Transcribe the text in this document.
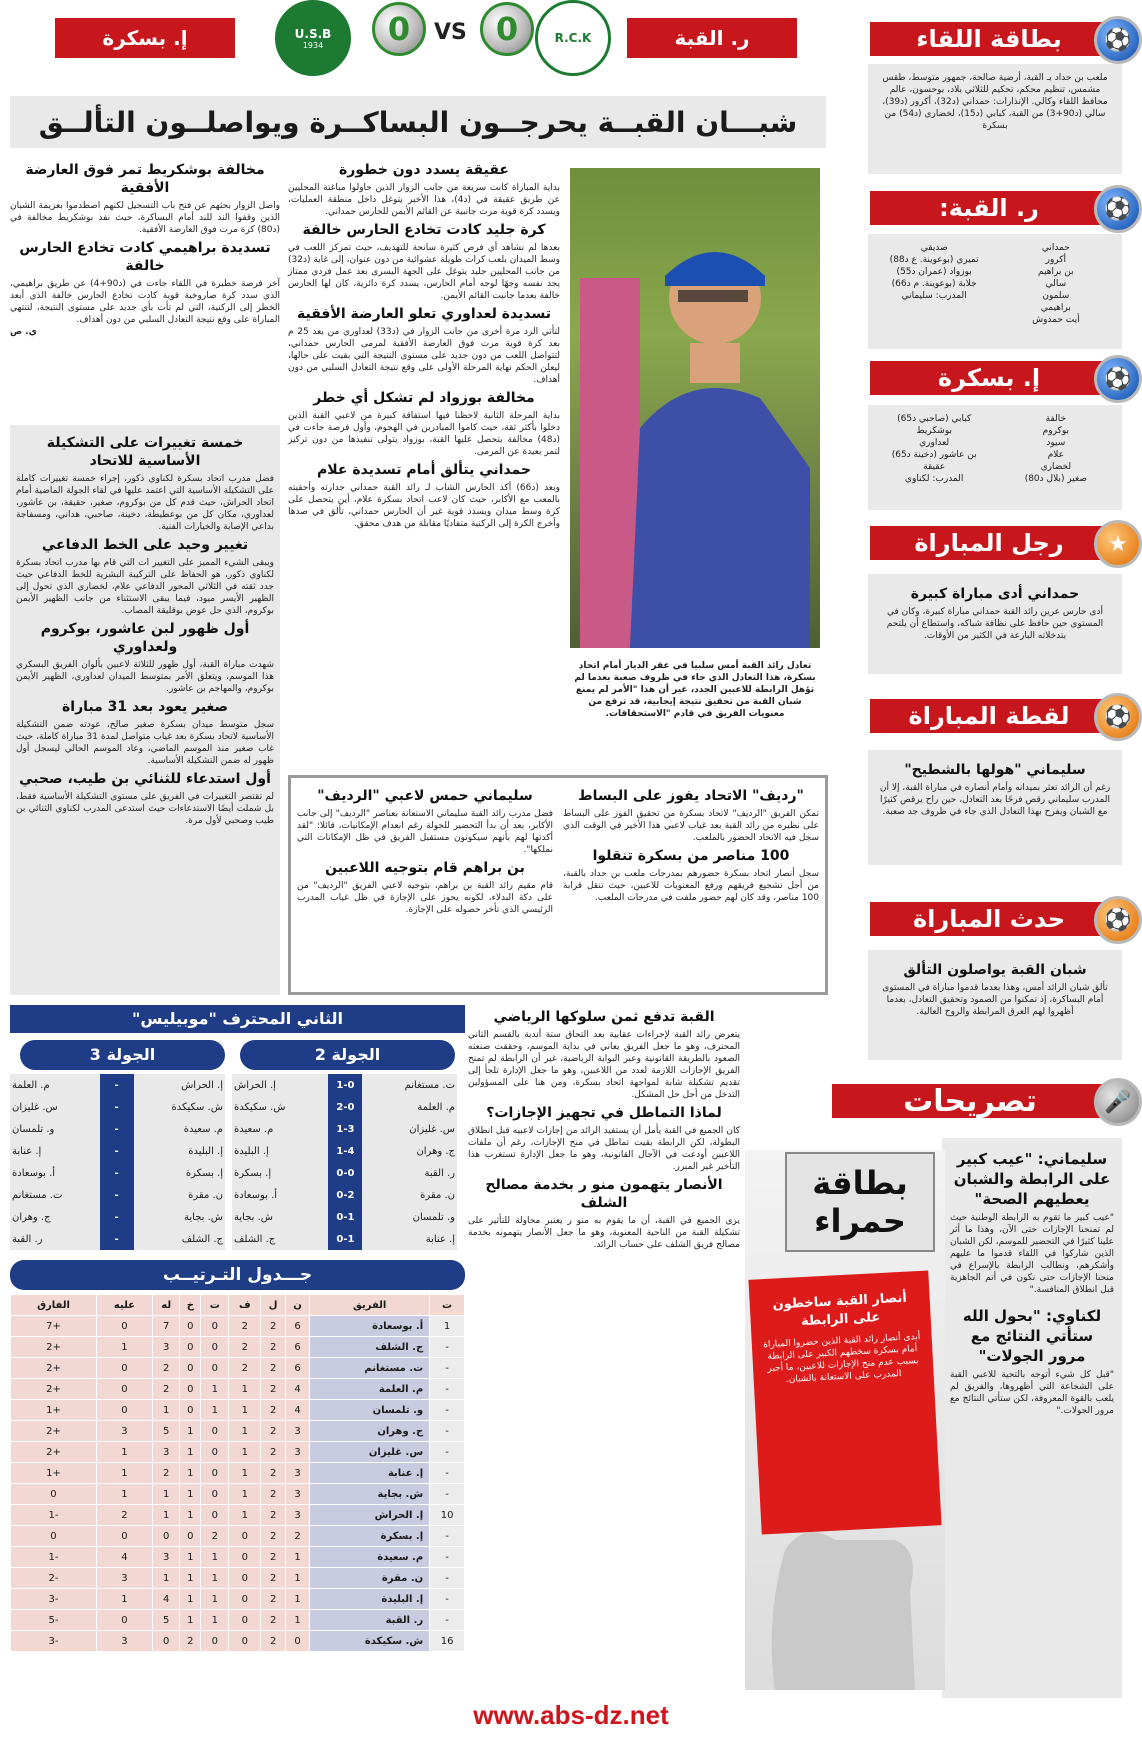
ر. القبة
إ. بسكرة	R.C.K
U.S.B
1934	0
0 VS
شبـــان القبــة يحرجــون البساكــرة ويواصلــون التألــق
بطاقة اللقاء	⚽

ملعب بن حداد بـ القبة، أرضية صالحة، جمهور متوسط، طقس مشمس، تنظيم محكم، تحكيم للثلاثي بلاد، بوحسون، عالم محافظ اللقاء وكالي. الإنذارات: حمداني (د32)، أكرور (د39)، سالي (د90+3) من القبة، كبابي (د15)، لخضاري (د54) من بسكرة

ر. القبة:	⚽
حمداني
أكرور
بن براهيم
سالي
سلمون
براهيمي
أيت حمدوش
صديقي
تميري (بوعوينة. ع د88)
بوزواد (عمران د55)
جلابة (بوعوينة. م د66)
المدرب: سليماني
إ. بسكرة	⚽
خالفة
بوكروم
سيود
علام
لخضاري
صغير (بلال د80)
كبابي (صاحبي د65)
بوشكريط
لعداوري
بن عاشور (دخينة د65)
عقيقة
المدرب: لكناوي
رجل المباراة	★
حمداني أدى مباراة كبيرة

أدى حارس عرين رائد القبة حمداني مباراة كبيرة، وكان في المستوى حين حافظ على نظافة شباكه، واستطاع أن يلتحم بتدخلاته البارعة في الكثير من الأوقات.

لقطة المباراة	⚽
سليماني "هولها بالشطيح"

رغم أن الرائد تعثر بميدانه وأمام أنصاره في مباراة القبة، إلا أن المدرب سليماني رقص فرحًا بعد التعادل، حين راح يرقص كثيرًا مع الشبان ويفرح بهذا التعادل الذي جاء في ظروف جد صعبة.

حدث المباراة	⚽
شبان القبة يواصلون التألق

تألق شبان الرائد أمس، وهذا بعدما قدموا مباراة في المستوى أمام البساكرة، إذ تمكنوا من الصمود وتحقيق التعادل، بعدما أظهروا لهم العرق المرابطة والروح العالية.

تصريحات	🎤
سليماني: "عيب كبير على الرابطة والشبان يعطيهم الصحة"

"عيب كبير ما تقوم به الرابطة الوطنية حيث لم تمنحنا الإجازات حتى الآن، وهذا ما أثر علينا كثيرًا في التحضير للموسم، لكن الشبان الذين شاركوا في اللقاء قدموا ما عليهم وأشكرهم، ونطالب الرابطة بالإسراع في منحنا الإجازات حتى نكون في أتم الجاهزية قبل انطلاق المنافسة."

لكناوي: "بحول الله ستأتي النتائج مع مرور الجولات"

"قبل كل شيء أتوجه بالتحية للاعبي القبة على الشجاعة التي أظهروها، والفريق لم يلعب بالقوة المعروفة، لكن ستأتي النتائج مع مرور الجولات."

تعادل رائد القبة أمس سلبيا في عقر الديار أمام اتحاد بسكرة، هذا التعادل الذي جاء في ظروف صعبة بعدما لم تؤهل الرابطة للاعبين الجدد، غير أن هذا "الأمر لم يمنع شبان القبة من تحقيق نتيجة إيجابية، قد ترفع من معنويات الفريق في قادم "الاستحقاقات.

عقيقة يسدد دون خطورة

بداية المباراة كانت سريعة من جانب الزوار الذين حاولوا مباغتة المحليين عن طريق عقيقة في (د4)، هذا الأخير يتوغل داخل منطقة العمليات، ويسدد كرة قوية مرت جانبية عن القائم الأيمن للحارس حمداني.

كرة جليد كادت تخادع الحارس خالفة

بعدها لم نشاهد أي فرص كثيرة سانحة للتهديف، حيث تمركز اللعب في وسط الميدان بلعب كرات طويلة عشوائية من دون عنوان، إلى غاية (د32) من جانب المحليين جليد يتوغل على الجهة اليسرى بعد عمل فردي ممتاز يجد نفسه وجهًا لوجه أمام الحارس، يسدد كرة دائرية، كان لها الحارس خالفة بعدما جانبت القائم الأيمن.

تسديدة لعداوري تعلو العارضة الأفقية

لتأتي الرد مرة أخرى من جانب الزوار في (د33) لعداوري من بعد 25 م بعد كرة قوية مرت فوق العارضة الأفقية لمرمى الحارس حمداني، لتتواصل اللعب من دون جديد على مستوى النتيجة التي بقيت على حالها، ليعلن الحكم نهاية المرحلة الأولى على وقع نتيجة التعادل السلبي من دون أهداف.

مخالفة بوزواد لم تشكل أي خطر

بداية المرحلة الثانية لاحظنا فيها استفاقة كبيرة من لاعبي القبة الذين دخلوا بأكثر ثقة، حيث كاموا المبادرين في الهجوم، وأول فرصة جاءت في (د48) مخالفة بتحصل عليها القبة، بوزواد يتولى تنفيذها من دون تركيز لتمر بعيدة عن المرمى.

حمداني يتألق أمام تسديدة علام

وبعد (د66) أكد الحارس الشاب لـ رائد القبة حمداني جدارته وأحقيته بالمعب مع الأكابر، حيث كان لاعب اتحاد بسكرة علام، أين يتحصل على كرة وسط ميدان ويسدد قوية غير أن الحارس حمداني، تألق في صدها وأخرج الكرة إلى الركنية متفاديًا مقابلة من هدف محقق.

مخالفة بوشكريط تمر فوق العارضة الأفقية

واصل الزوار بحثهم عن فتح باب التسجيل لكنهم اصطدموا بعزيمة الشبان الذين وقفوا الند للند أمام البساكرة، حيث نفذ بوشكريط مخالفة في (د80) كرة مرت فوق العارضة الأفقية.

تسديدة براهيمي كادت تخادع الحارس خالفة

آخر فرصة خطيرة في اللقاء جاءت في (د90+4) عن طريق براهيمي، الذي سدد كرة صاروخية قوية كادت تخادع الحارس خالفة الذي أبعد الخطر إلى الركنية، التي لم تأت بأي جديد على مستوى النتيجة، لتنتهي المباراة على وقع نتيجة التعادل السلبي من دون أهداف.

ي. ص

خمسة تغييرات على التشكيلة الأساسية للاتحاد

فضل مدرب اتحاد بسكرة لكناوي ذكور، إجراء خمسة تغييرات كاملة على التشكيلة الأساسية التي اعتمد عليها في لقاء الجولة الماضية أمام اتحاد الحراش، حيث قدم كل من بوكروم، صغير، حقيقة، بن عاشور، لعداوري، مكان كل من بوعطيطة، دخينة، صاحبي، هداني، ومسفاجة بداعي الإصابة والخيارات الفنية.

تغيير وحيد على الخط الدفاعي

ويبقى الشيء المميز على التغيير ات التي قام بها مدرب اتحاد بسكرة لكناوي ذكور، هو الحفاظ على التركيبة البشرية للخط الدفاعي حيث جدد ثقته في الثلاثي المحور الدفاعي علام، لخضاري الذي تحول إلى الظهير الأيسر ميود، فيما يبقى الاستثناء من جانب الظهير الأيمن بوكروم، الذي حل عوض بوقليقة المصاب.

أول ظهور لبن عاشور، بوكروم ولعداوري

شهدت مباراة القبة، أول ظهور للثلاثة لاعبين بألوان الفريق البسكري هذا الموسم، ويتعلق الأمر بمتوسط الميدان لعداوري، الظهير الأيمن بوكروم، والمهاجم بن عاشور.

صغير يعود بعد 31 مباراة

سجل متوسط ميدان بسكرة صغير صالح، عودته ضمن التشكيلة الأساسية لاتحاد بسكرة بعد غياب متواصل لمدة 31 مباراة كاملة، حيث غاب صغير منذ الموسم الماضي، وعاد الموسم الحالي ليسجل أول ظهور له ضمن التشكيلة الأساسية.

أول استدعاء للثنائي بن طيب، صحبي

لم تقتصر التغييرات في الفريق على مستوى التشكيلة الأساسية فقط، بل شملت أيضًا الاستدعاءات حيث استدعى المدرب لكناوي الثنائي بن طيب وصحبي لأول مرة.

"رديف" الاتحاد يفوز على البساط

تمكن الفريق "الرديف" لاتحاد بسكرة من تحقيق الفوز على البساط على نظيره من رائد القبة بعد غياب لاعبي هذا الأخير في الوقت الذي سجل فيه الاتحاد الحضور بالملعب.

100 مناصر من بسكرة تنقلوا

سجل أنصار اتحاد بسكرة حضورهم بمدرجات ملعب بن حداد بالقبة، من أجل تشجيع فريقهم ورفع المعنويات للاعبين، حيث تنقل قرابة 100 مناصر، وقد كان لهم حضور ملفت في مدرجات الملعب.

سليماني حمس لاعبي "الرديف"

فضل مدرب رائد القبة سليماني الاستعانة بعناصر "الرديف" إلى جانب الأكابر، بعد أن بدأ التحضير للجولة رغم انعدام الإمكانيات، قائلا: "لقد أكدتها لهم بأنهم سيكونون مستقبل الفريق في ظل الإمكانات التي نملكها".

بن براهم قام بتوجيه اللاعبين

قام مقيم رائد القبة بن براهم، بتوجيه لاعبي الفريق "الرديف" من على دكة البدلاء، لكونه يحوز على الإجازة في ظل غياب المدرب الرئيسي الذي تأخر حصوله على الإجازة.

القبة تدفع ثمن سلوكها الرياضي

يتعرض رائد القبة لإجراءات عقابية بعد التحاق ستة أندية بالقسم الثاني المحترف، وهو ما جعل الفريق يعاني في بداية الموسم، وحققت صنعته الصعود بالطريقة القانونية وعبر البوابة الرياضية، غير أن الرابطة لم تمنح الفريق الإجازات اللازمة لعدد من اللاعبين، وهو ما جعل الإدارة تلجأ إلى تقديم تشكيلة شابة لمواجهة اتحاد بسكرة، ومن هنا على المسؤولين التدخل من أجل حل المشكل.

لماذا التماطل في تجهيز الإجازات؟

كان الجميع في القبة يأمل أن يستفيد الرائد من إجازات لاعبيه قبل انطلاق البطولة، لكن الرابطة بقيت تماطل في منح الإجازات، رغم أن ملفات اللاعبين أودعت في الآجال القانونية، وهو ما جعل الإدارة تستغرب هذا التأخير غير المبرر.

الأنصار يتهمون منو ر بخدمة مصالح الشلف

يرى الجميع في القبة، أن ما يقوم به منو ر يعتبر محاولة للتأثير على تشكيلة القبة من الناحية المعنوية، وهو ما جعل الأنصار يتهمونه بخدمة مصالح فريق الشلف على حساب الرائد.

بطاقة حمراء
أنصار القبة ساخطون على الرابطة

أبدى أنصار رائد القبة الذين حضروا المباراة أمام بسكرة سخطهم الكبير على الرابطة بسبب عدم منح الإجازات للاعبين، ما أجبر المدرب على الاستعانة بالشبان.

الثاني المحترف "موبيليس"
الجولة 2
الجولة 3
ت. مستغانم	1-0	إ. الحراش
م. العلمة	2-0	ش. سكيكدة
س. غليزان	1-3	م. سعيدة
ج. وهران	1-4	إ. البليدة
ر. القبة	0-0	إ. بسكرة
ن. مقرة	0-2	أ. بوسعادة
و. تلمسان	0-1	ش. بجاية
إ. عنابة	0-1	ج. الشلف
إ. الحراش	-	م. العلمة
ش. سكيكدة	-	س. غليزان
م. سعيدة	-	و. تلمسان
إ. البليدة	-	إ. عنابة
إ. بسكرة	-	أ. بوسعادة
ن. مقرة	-	ت. مستغانم
ش. بجاية	-	ج. وهران
ج. الشلف	-	ر. القبة
جـــدول التـرتيــب
ت	الفريق	ن	ل	ف	ت	خ	له	عليه	الفارق
1	أ. بوسعادة	6	2	2	0	0	7	0	7+
-	ج. الشلف	6	2	2	0	0	3	1	2+
-	ت. مستغانم	6	2	2	0	0	2	0	2+
-	م. العلمة	4	2	1	1	0	2	0	2+
-	و. تلمسان	4	2	1	1	0	1	0	1+
-	ج. وهران	3	2	1	0	1	5	3	2+
-	س. غليزان	3	2	1	0	1	3	1	2+
-	إ. عنابة	3	2	1	0	1	2	1	1+
-	ش. بجاية	3	2	1	0	1	1	1	0
10	إ. الحراش	3	2	1	0	1	1	2	1-
-	إ. بسكرة	2	2	0	2	0	0	0	0
-	م. سعيدة	1	2	0	1	1	3	4	1-
-	ن. مقرة	1	2	0	1	1	1	3	2-
-	إ. البليدة	1	2	0	1	1	4	1	3-
-	ر. القبة	1	2	0	1	1	5	0	5-
16	ش. سكيكدة	0	2	0	0	2	0	3	3-
www.abs-dz.net
